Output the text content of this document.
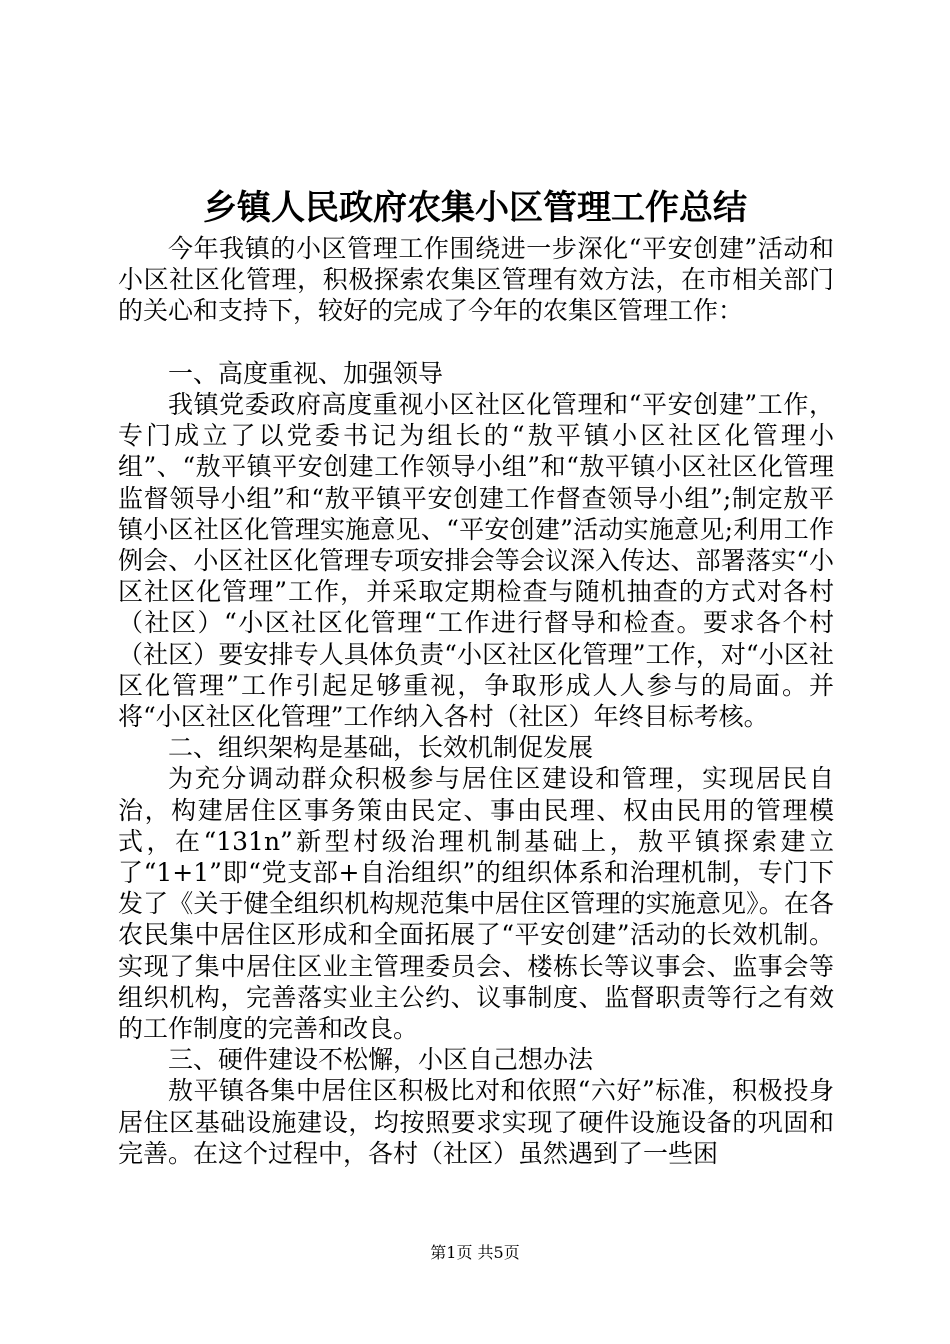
乡镇人民政府农集小区管理工作总结

今年我镇的小区管理工作围绕进一步深化“平安创建”活动和小区社区化管理，积极探索农集区管理有效方法，在市相关部门的关心和支持下，较好的完成了今年的农集区管理工作：

一、高度重视、加强领导

我镇党委政府高度重视小区社区化管理和“平安创建”工作，专门成立了以党委书记为组长的“敖平镇小区社区化管理小组”、“敖平镇平安创建工作领导小组”和“敖平镇小区社区化管理监督领导小组”和“敖平镇平安创建工作督查领导小组”;制定敖平镇小区社区化管理实施意见、“平安创建”活动实施意见;利用工作例会、小区社区化管理专项安排会等会议深入传达、部署落实“小区社区化管理”工作，并采取定期检查与随机抽查的方式对各村（社区）“小区社区化管理“工作进行督导和检查。要求各个村（社区）要安排专人具体负责“小区社区化管理”工作，对“小区社区化管理”工作引起足够重视，争取形成人人参与的局面。并将“小区社区化管理”工作纳入各村（社区）年终目标考核。

二、组织架构是基础，长效机制促发展

为充分调动群众积极参与居住区建设和管理，实现居民自治，构建居住区事务策由民定、事由民理、权由民用的管理模式，在“131n”新型村级治理机制基础上，敖平镇探索建立了“1+1”即“党支部+自治组织”的组织体系和治理机制，专门下发了《关于健全组织机构规范集中居住区管理的实施意见》。在各农民集中居住区形成和全面拓展了“平安创建”活动的长效机制。实现了集中居住区业主管理委员会、楼栋长等议事会、监事会等组织机构，完善落实业主公约、议事制度、监督职责等行之有效的工作制度的完善和改良。

三、硬件建设不松懈，小区自己想办法

敖平镇各集中居住区积极比对和依照“六好”标准，积极投身居住区基础设施建设，均按照要求实现了硬件设施设备的巩固和完善。在这个过程中，各村（社区）虽然遇到了一些困

第1页 共5页
